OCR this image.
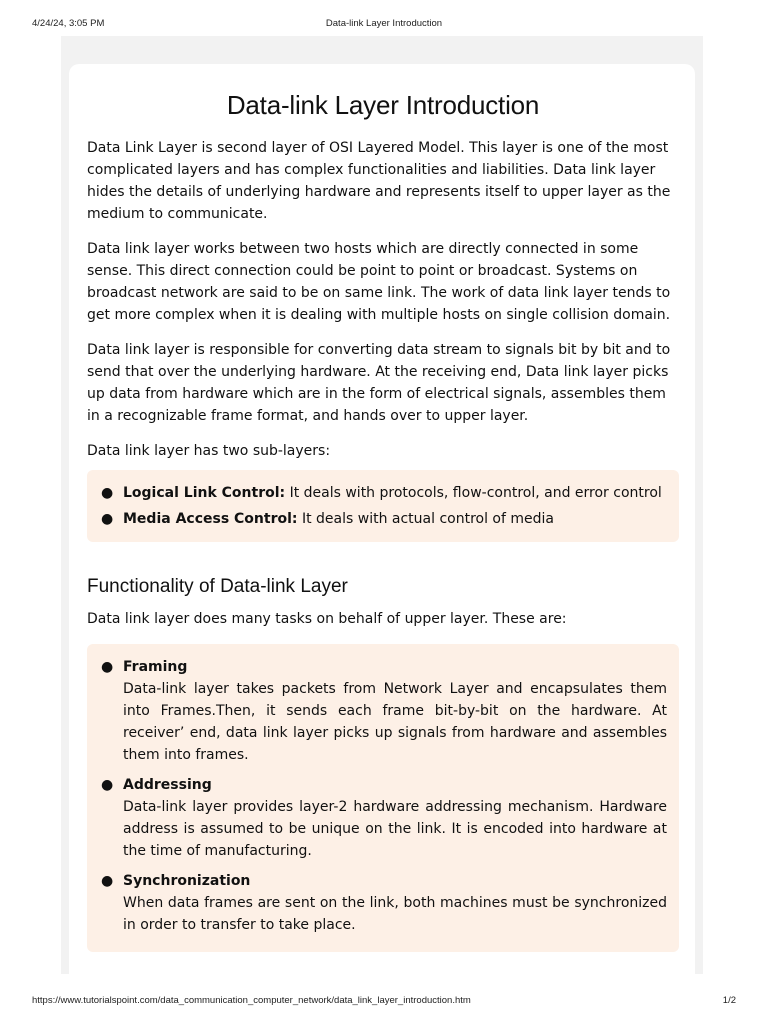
4/24/24, 3:05 PM	Data-link Layer Introduction
Data-link Layer Introduction

Data Link Layer is second layer of OSI Layered Model. This layer is one of the most complicated layers and has complex functionalities and liabilities. Data link layer hides the details of underlying hardware and represents itself to upper layer as the medium to communicate.

Data link layer works between two hosts which are directly connected in some sense. This direct connection could be point to point or broadcast. Systems on broadcast network are said to be on same link. The work of data link layer tends to get more complex when it is dealing with multiple hosts on single collision domain.

Data link layer is responsible for converting data stream to signals bit by bit and to send that over the underlying hardware. At the receiving end, Data link layer picks up data from hardware which are in the form of electrical signals, assembles them in a recognizable frame format, and hands over to upper layer.

Data link layer has two sub-layers:

● Logical Link Control: It deals with protocols, flow-control, and error control
● Media Access Control: It deals with actual control of media
Functionality of Data-link Layer

Data link layer does many tasks on behalf of upper layer. These are:

● Framing
Data-link layer takes packets from Network Layer and encapsulates them into Frames.Then, it sends each frame bit-by-bit on the hardware. At receiver’ end, data link layer picks up signals from hardware and assembles them into frames.
● Addressing
Data-link layer provides layer-2 hardware addressing mechanism. Hardware address is assumed to be unique on the link. It is encoded into hardware at the time of manufacturing.
● Synchronization
When data frames are sent on the link, both machines must be synchronized in order to transfer to take place.
https://www.tutorialspoint.com/data_communication_computer_network/data_link_layer_introduction.htm	1/2
